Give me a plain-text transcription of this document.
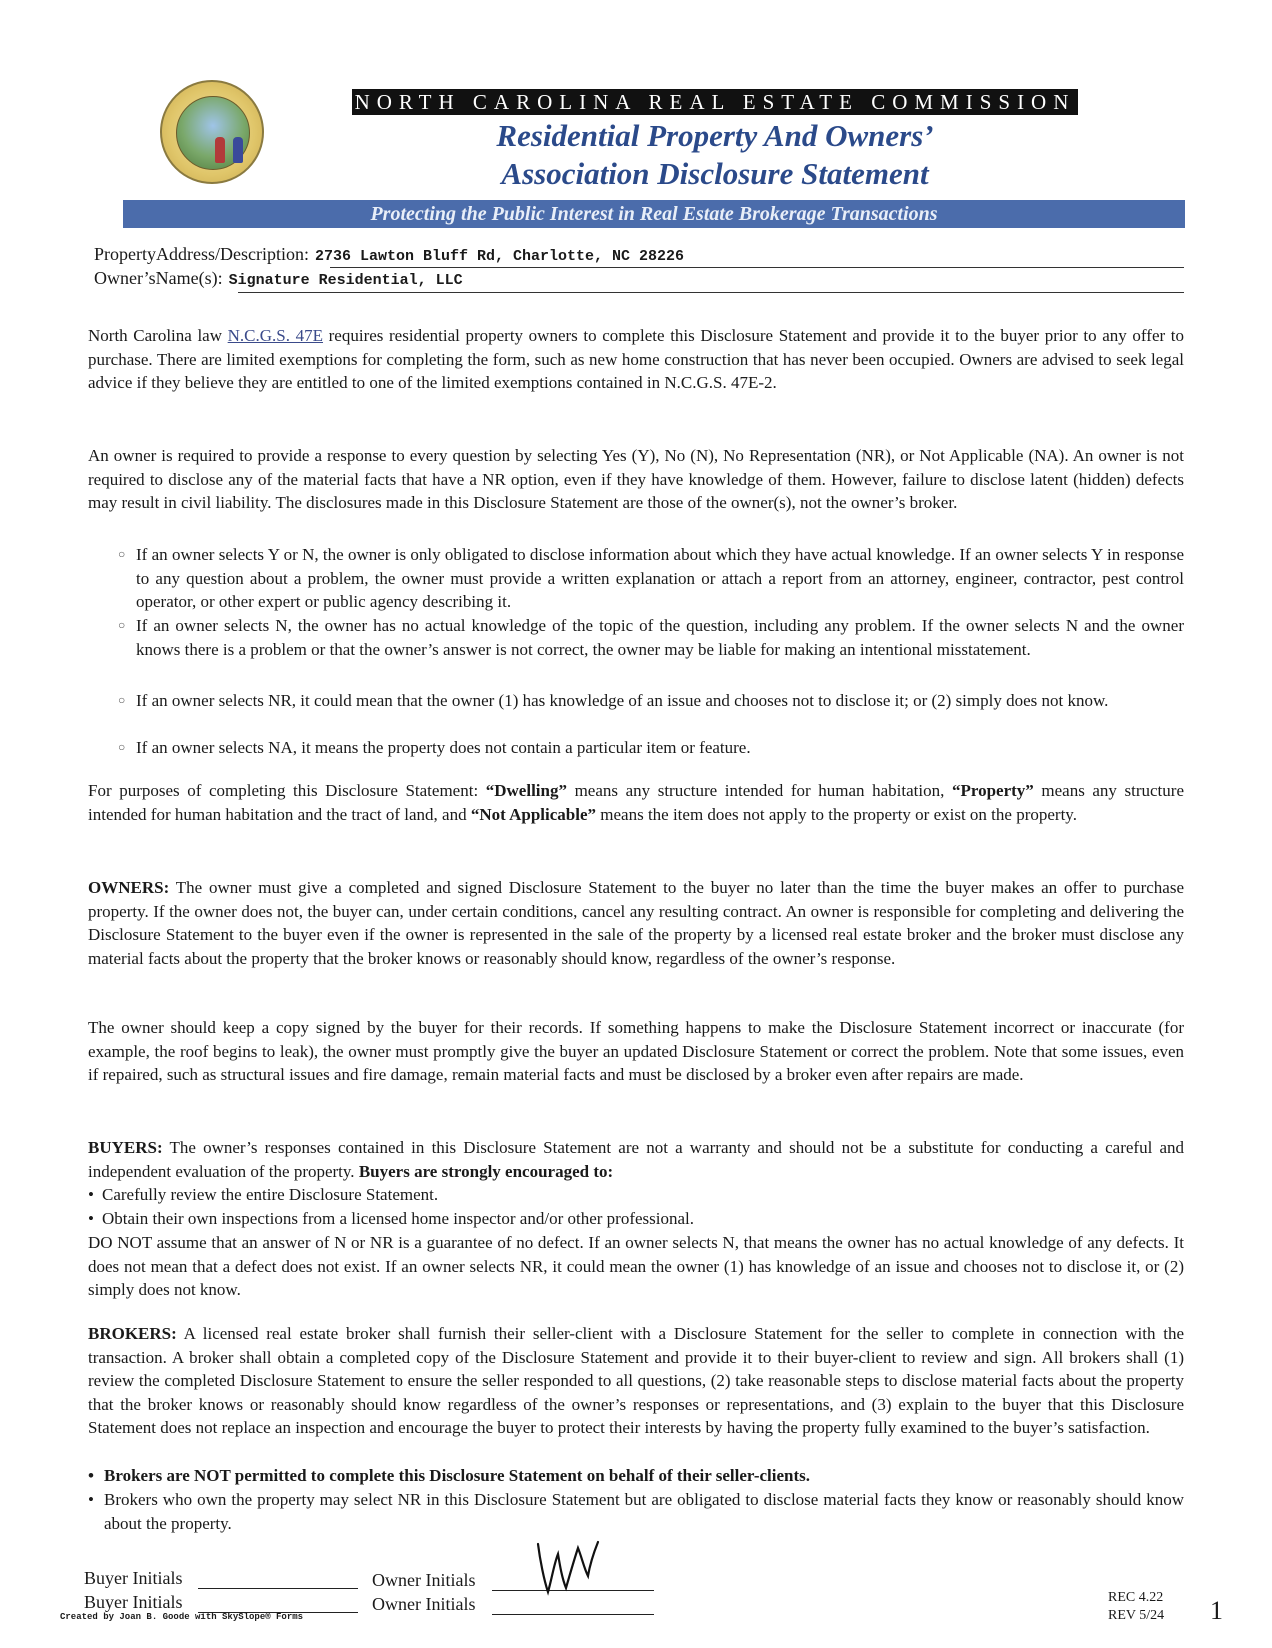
NORTH CAROLINA REAL ESTATE COMMISSION
Residential Property And Owners’
Association Disclosure Statement
Protecting the Public Interest in Real Estate Brokerage Transactions
PropertyAddress/Description: 2736 Lawton Bluff Rd, Charlotte, NC 28226
Owner’sName(s): Signature Residential, LLC

North Carolina law N.C.G.S. 47E requires residential property owners to complete this Disclosure Statement and provide it to the buyer prior to any offer to purchase. There are limited exemptions for completing the form, such as new home construction that has never been occupied. Owners are advised to seek legal advice if they believe they are entitled to one of the limited exemptions contained in N.C.G.S. 47E-2.

An owner is required to provide a response to every question by selecting Yes (Y), No (N), No Representation (NR), or Not Applicable (NA). An owner is not required to disclose any of the material facts that have a NR option, even if they have knowledge of them. However, failure to disclose latent (hidden) defects may result in civil liability. The disclosures made in this Disclosure Statement are those of the owner(s), not the owner’s broker.
○ If an owner selects Y or N, the owner is only obligated to disclose information about which they have actual knowledge. If an owner selects Y in response to any question about a problem, the owner must provide a written explanation or attach a report from an attorney, engineer, contractor, pest control operator, or other expert or public agency describing it.
○ If an owner selects N, the owner has no actual knowledge of the topic of the question, including any problem. If the owner selects N and the owner knows there is a problem or that the owner’s answer is not correct, the owner may be liable for making an intentional misstatement.
○ If an owner selects NR, it could mean that the owner (1) has knowledge of an issue and chooses not to disclose it; or (2) simply does not know.
○ If an owner selects NA, it means the property does not contain a particular item or feature.

For purposes of completing this Disclosure Statement: “Dwelling” means any structure intended for human habitation, “Property” means any structure intended for human habitation and the tract of land, and “Not Applicable” means the item does not apply to the property or exist on the property.

OWNERS: The owner must give a completed and signed Disclosure Statement to the buyer no later than the time the buyer makes an offer to purchase property. If the owner does not, the buyer can, under certain conditions, cancel any resulting contract. An owner is responsible for completing and delivering the Disclosure Statement to the buyer even if the owner is represented in the sale of the property by a licensed real estate broker and the broker must disclose any material facts about the property that the broker knows or reasonably should know, regardless of the owner’s response.

The owner should keep a copy signed by the buyer for their records. If something happens to make the Disclosure Statement incorrect or inaccurate (for example, the roof begins to leak), the owner must promptly give the buyer an updated Disclosure Statement or correct the problem. Note that some issues, even if repaired, such as structural issues and fire damage, remain material facts and must be disclosed by a broker even after repairs are made.

BUYERS: The owner’s responses contained in this Disclosure Statement are not a warranty and should not be a substitute for conducting a careful and independent evaluation of the property. Buyers are strongly encouraged to:

• Carefully review the entire Disclosure Statement.
• Obtain their own inspections from a licensed home inspector and/or other professional.
DO NOT assume that an answer of N or NR is a guarantee of no defect. If an owner selects N, that means the owner has no actual knowledge of any defects. It does not mean that a defect does not exist. If an owner selects NR, it could mean the owner (1) has knowledge of an issue and chooses not to disclose it, or (2) simply does not know.

BROKERS: A licensed real estate broker shall furnish their seller-client with a Disclosure Statement for the seller to complete in connection with the transaction. A broker shall obtain a completed copy of the Disclosure Statement and provide it to their buyer-client to review and sign. All brokers shall (1) review the completed Disclosure Statement to ensure the seller responded to all questions, (2) take reasonable steps to disclose material facts about the property that the broker knows or reasonably should know regardless of the owner’s responses or representations, and (3) explain to the buyer that this Disclosure Statement does not replace an inspection and encourage the buyer to protect their interests by having the property fully examined to the buyer’s satisfaction.

• Brokers are NOT permitted to complete this Disclosure Statement on behalf of their seller-clients.
• Brokers who own the property may select NR in this Disclosure Statement but are obligated to disclose material facts they know or reasonably should know about the property.
Buyer Initials
Buyer Initials
Owner Initials
Owner Initials
Created by Joan B. Goode with SkySlope® Forms
REC 4.22
REV 5/24 1
